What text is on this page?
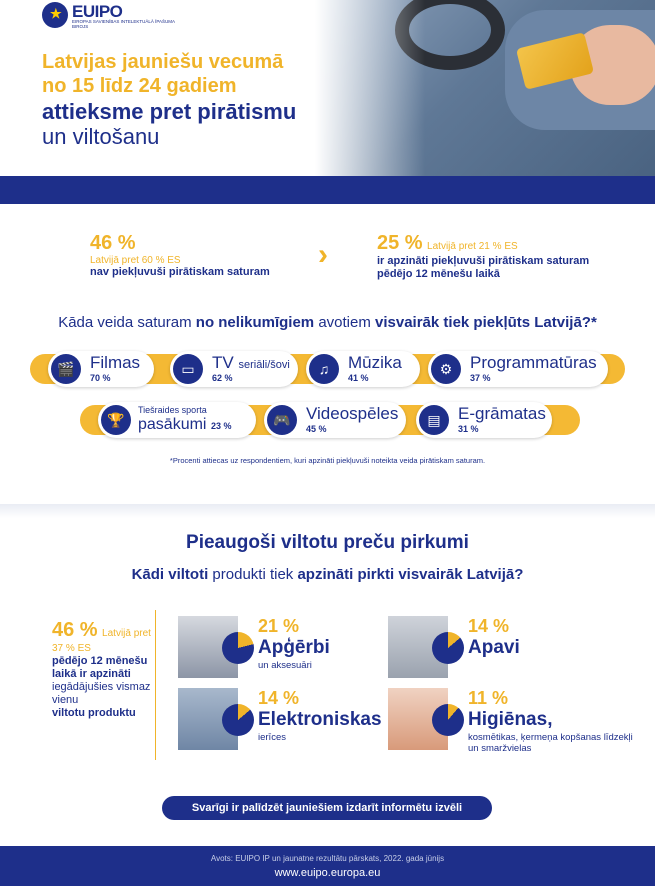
★ EUIPO
EIROPAS SAVIENĪBAS INTELEKTUĀLĀ ĪPAŠUMA BIROJS
Latvijas jauniešu vecumā
no 15 līdz 24 gadiem
attieksme pret pirātismu
un viltošanu
46 %
Latvijā pret 60 % ES
nav piekļuvuši pirātiskam saturam
› 25 % Latvijā pret 21 % ES
ir apzināti piekļuvuši pirātiskam saturam pēdējo 12 mēnešu laikā
Kāda veida saturam no nelikumīgiem avotiem visvairāk tiek piekļūts Latvijā?*
🎬 Filmas
70 %
▭	TV seriāli/šovi
62 %
♫	Mūzika
41 %
⚙	Programmatūras
37 %
🏆
Tiešraides sporta
pasākumi 23 %	🎮 Videospēles
45 %
▤	E-grāmatas
31 %
*Procenti attiecas uz respondentiem, kuri apzināti piekļuvuši noteikta veida pirātiskam saturam.
Pieaugoši viltotu preču pirkumi
Kādi viltoti produkti tiek apzināti pirkti visvairāk Latvijā?
46 % Latvijā pret 37 % ES
pēdējo 12 mēnešu laikā ir apzināti
iegādājušies vismaz vienu
viltotu produktu
21 %
Apģērbi
un aksesuāri
14 %
Apavi
14 %
Elektroniskas
ierīces
11 %
Higiēnas,
kosmētikas, ķermeņa kopšanas līdzekļi un smaržvielas
Svarīgi ir palīdzēt jauniešiem izdarīt informētu izvēli
Avots: EUIPO IP un jaunatne rezultātu pārskats, 2022. gada jūnijs
www.euipo.europa.eu
